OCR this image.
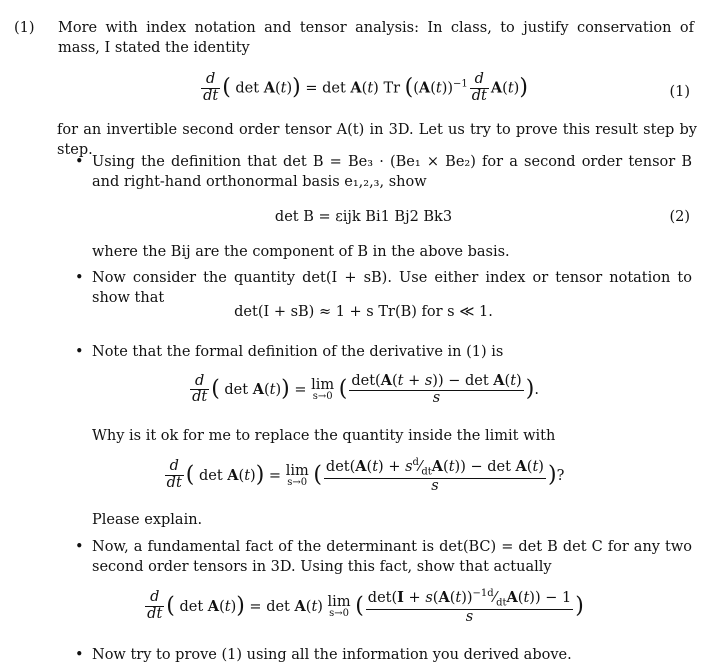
(1) More with index notation and tensor analysis: In class, to justify conservation of mass, I stated the identity
$\frac{d}{dt}$ ( det A(t)) = det A(t) Tr $((A(t))^{-1} \frac{d}{dt} A(t))$	(1)
for an invertible second order tensor A(t) in 3D. Let us try to prove this result step by step.
• Using the definition that det B = Be₃ · (Be₁ × Be₂) for a second order tensor B and right-hand orthonormal basis e₁,₂,₃, show
det B = εijk Bi1 Bj2 Bk3	(2)
where the Bij are the component of B in the above basis.
• Now consider the quantity det(I + sB). Use either index or tensor notation to show that
det(I + sB) ≈ 1 + s Tr(B) for s ≪ 1.
• Note that the formal definition of the derivative in (1) is
$\frac{d}{dt}$ ( det A(t)) = lim
s→0 ( $\frac{\text{det(A(t + s)) − det A(t)}}{s}$ ).
Why is it ok for me to replace the quantity inside the limit with
$\frac{d}{dt}$ ( det A(t)) = lim
s→0 ( $\frac{\det(A(t) + s^d⁄_{dt}A(t)) - \det A(t)}{s}$ )?
Please explain.
• Now, a fundamental fact of the determinant is det(BC) = det B det C for any two second order tensors in 3D. Using this fact, show that actually
$\frac{d}{dt}$ ( det A(t)) = det A(t) lim
s→0 ( $\frac{\det(I + s(A(t))^{-1d}⁄_{dt}A(t)) - 1}{s}$ )
• Now try to prove (1) using all the information you derived above.
